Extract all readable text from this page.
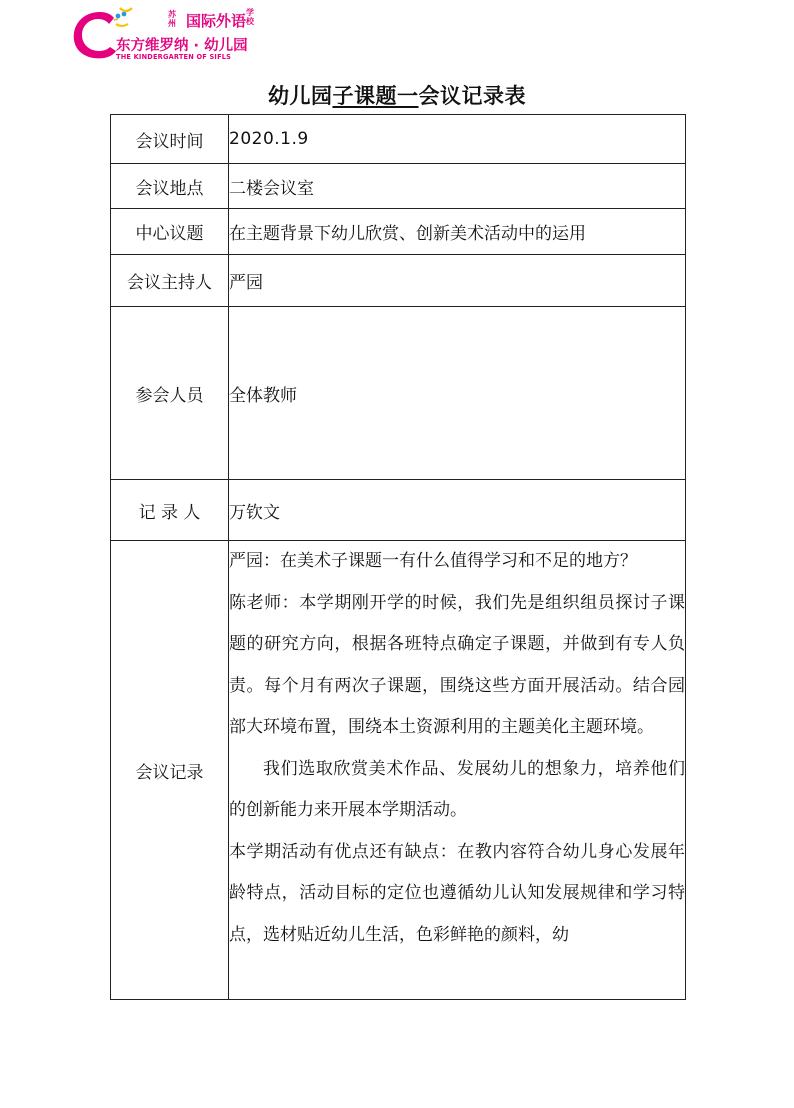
苏州 国际外语 学校
东方维罗纳 · 幼儿园
THE KINDERGARTEN OF SIFLS
幼儿园子课题一会议记录表
会议时间	2020.1.9
会议地点	二楼会议室
中心议题	在主题背景下幼儿欣赏、创新美术活动中的运用
会议主持人	严园
参会人员	全体教师
记 录 人	万钦文
会议记录	严园：在美术子课题一有什么值得学习和不足的地方？

陈老师：本学期刚开学的时候，我们先是组织组员探讨子课题的研究方向，根据各班特点确定子课题，并做到有专人负责。每个月有两次子课题，围绕这些方面开展活动。结合园部大环境布置，围绕本土资源利用的主题美化主题环境。

我们选取欣赏美术作品、发展幼儿的想象力，培养他们的创新能力来开展本学期活动。

本学期活动有优点还有缺点：在教内容符合幼儿身心发展年龄特点，活动目标的定位也遵循幼儿认知发展规律和学习特点，选材贴近幼儿生活，色彩鲜艳的颜料，幼
